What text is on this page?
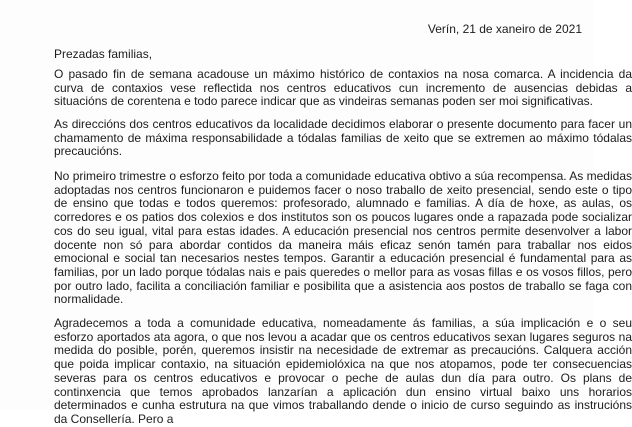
Verín, 21 de xaneiro de 2021
Prezadas familias,
O pasado fin de semana acadouse un máximo histórico de contaxios na nosa comarca. A incidencia da curva de contaxios vese reflectida nos centros educativos cun incremento de ausencias debidas a situacións de corentena e todo parece indicar que as vindeiras semanas poden ser moi significativas.
As direccións dos centros educativos da localidade decidimos elaborar o presente documento para facer un chamamento de máxima responsabilidade a tódalas familias de xeito que se extremen ao máximo tódalas precaucións.
No primeiro trimestre o esforzo feito por toda a comunidade educativa obtivo a súa recompensa. As medidas adoptadas nos centros funcionaron e puidemos facer o noso traballo de xeito presencial, sendo este o tipo de ensino que todas e todos queremos: profesorado, alumnado e familias. A día de hoxe, as aulas, os corredores e os patios dos colexios e dos institutos son os poucos lugares onde a rapazada pode socializar cos do seu igual, vital para estas idades. A educación presencial nos centros permite desenvolver a labor docente non só para abordar contidos da maneira máis eficaz senón tamén para traballar nos eidos emocional e social tan necesarios nestes tempos. Garantir a educación presencial é fundamental para as familias, por un lado porque tódalas nais e pais queredes o mellor para as vosas fillas e os vosos fillos, pero por outro lado, facilita a conciliación familiar e posibilita que a asistencia aos postos de traballo se faga con normalidade.
Agradecemos a toda a comunidade educativa, nomeadamente ás familias, a súa implicación e o seu esforzo aportados ata agora, o que nos levou a acadar que os centros educativos sexan lugares seguros na medida do posible, porén, queremos insistir na necesidade de extremar as precaucións. Calquera acción que poida implicar contaxio, na situación epidemiolóxica na que nos atopamos, pode ter consecuencias severas para os centros educativos e provocar o peche de aulas dun día para outro. Os plans de continxencia que temos aprobados lanzarían a aplicación dun ensino virtual baixo uns horarios determinados e cunha estrutura na que vimos traballando dende o inicio de curso seguindo as instrucións da Consellería. Pero a
